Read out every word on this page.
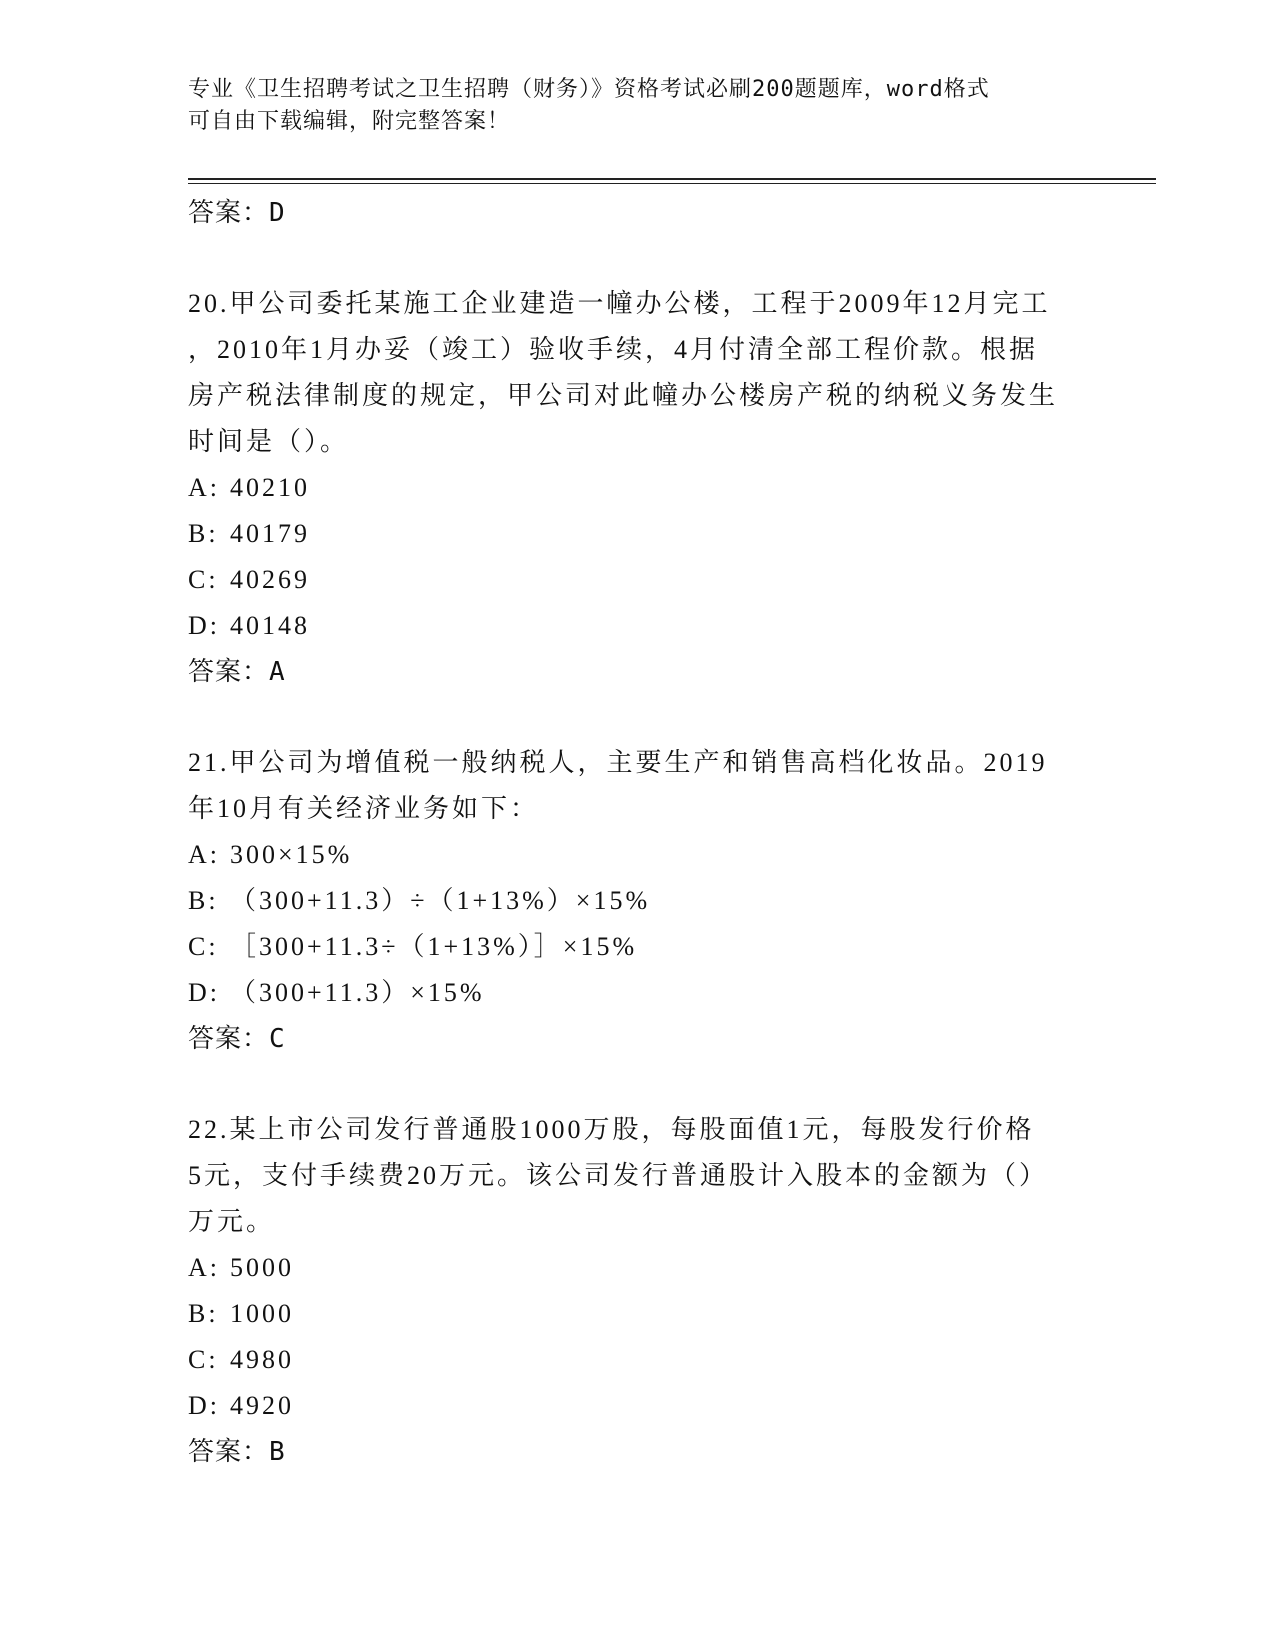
专业《卫生招聘考试之卫生招聘（财务）》资格考试必刷200题题库，word格式
可自由下载编辑，附完整答案！
答案：D
20.甲公司委托某施工企业建造一幢办公楼，工程于2009年12月完工
，2010年1月办妥（竣工）验收手续，4月付清全部工程价款。根据
房产税法律制度的规定，甲公司对此幢办公楼房产税的纳税义务发生
时间是（）。
A: 40210
B: 40179
C: 40269
D: 40148
答案：A
21.甲公司为增值税一般纳税人，主要生产和销售高档化妆品。2019
年10月有关经济业务如下：
A: 300×15%
B: （300+11.3）÷（1+13%）×15%
C: ［300+11.3÷（1+13%）］×15%
D: （300+11.3）×15%
答案：C
22.某上市公司发行普通股1000万股，每股面值1元，每股发行价格
5元，支付手续费20万元。该公司发行普通股计入股本的金额为（）
万元。
A: 5000
B: 1000
C: 4980
D: 4920
答案：B
